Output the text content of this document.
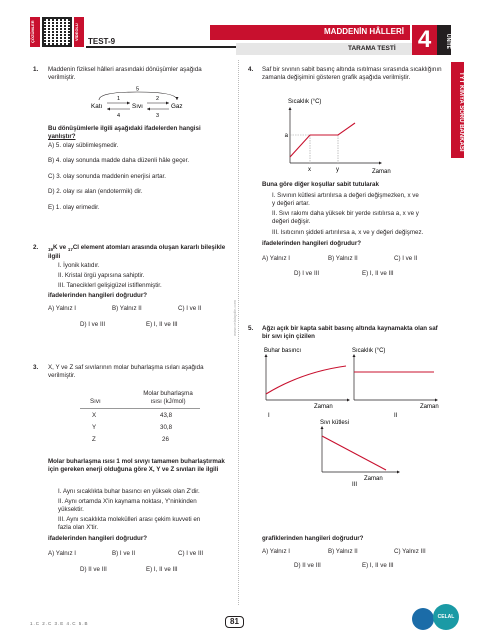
ÇÖZÜMLER	VİDEOLU
TEST-9
MADDENİN HÂLLERİ
TARAMA TESTİ 4	ÜNİTE
TYT KİMYA SORU BANKASI
www.celalaydin.com
1. Maddenin fiziksel hâlleri arasındaki dönüşümler aşağıda verilmiştir.
Katı	Sıvı	Gaz
1
4
2
3
5
Bu dönüşümlerle ilgili aşağıdaki ifadelerden hangisi
yanlıştır?
A) 5. olay süblimleşmedir.
B) 4. olay sonunda madde daha düzenli hâle geçer.
C) 3. olay sonunda maddenin enerjisi artar.
D) 2. olay ısı alan (endotermik) dir.
E) 1. olay erimedir.
2. $_{19}$K ve $_{17}$Cl element atomları arasında oluşan kararlı bileşikle ilgili
I. İyonik katıdır.
II. Kristal örgü yapısına sahiptir.
III. Taneciklerl gelişigüzel istiflenmiştir.
ifadelerinden hangileri doğrudur?
A) Yalnız I	B) Yalnız II	C) I ve II
D) I ve III	E) I, II ve III
3. X, Y ve Z saf sıvılarının molar buharlaşma ısıları aşağıda verilmiştir.
Molar buharlaşma
ısısı (kJ/mol)
Sıvı
X	43,8
Y	30,8
Z	26
Molar buharlaşma ısısı 1 mol sıvıyı tamamen buharlaştırmak için gereken enerji olduğuna göre X, Y ve Z sıvıları ile ilgili
I. Aynı sıcaklıkta buhar basıncı en yüksek olan Z'dir.
II. Aynı ortamda X'in kaynama noktası, Y'ninkinden
yüksektir.
III. Aynı sıcaklıkta molekülleri arası çekim kuvveti en
fazla olan X'tir.
ifadelerinden hangileri doğrudur?
A) Yalnız I	B) I ve II	C) I ve III
D) II ve III	E) I, II ve III
4. Saf bir sıvının sabit basınç altında ısıtılması sırasında sıcaklığının zamanla değişimini gösteren grafik aşağıda verilmiştir.
Sıcaklık (°C)
a
x	y	Zaman
Buna göre diğer koşullar sabit tutularak
I. Sıvının kütlesi artırılırsa a değeri değişmezken, x ve
y değeri artar.
II. Sıvı rakımı daha yüksek bir yerde ısıtılırsa a, x ve y
değeri değişir.
III. Isıtıcının şiddeti artırılırsa a, x ve y değeri değişmez.
ifadelerinden hangileri doğrudur?
A) Yalnız I	B) Yalnız II	C) I ve II
D) I ve III	E) I, II ve III
5. Ağzı açık bir kapta sabit basınç altında kaynamakta olan saf bir sıvı için çizilen
Buhar basıncı
Zaman
I
Sıcaklık (°C)
Zaman
II
Sıvı kütlesi
Zaman
III
grafiklerinden hangileri doğrudur?
A) Yalnız I	B) Yalnız II	C) Yalnız III
D) II ve III	E) I, II ve III
1.C 2.C 3.E 4.C 5.B	81	CELAL
